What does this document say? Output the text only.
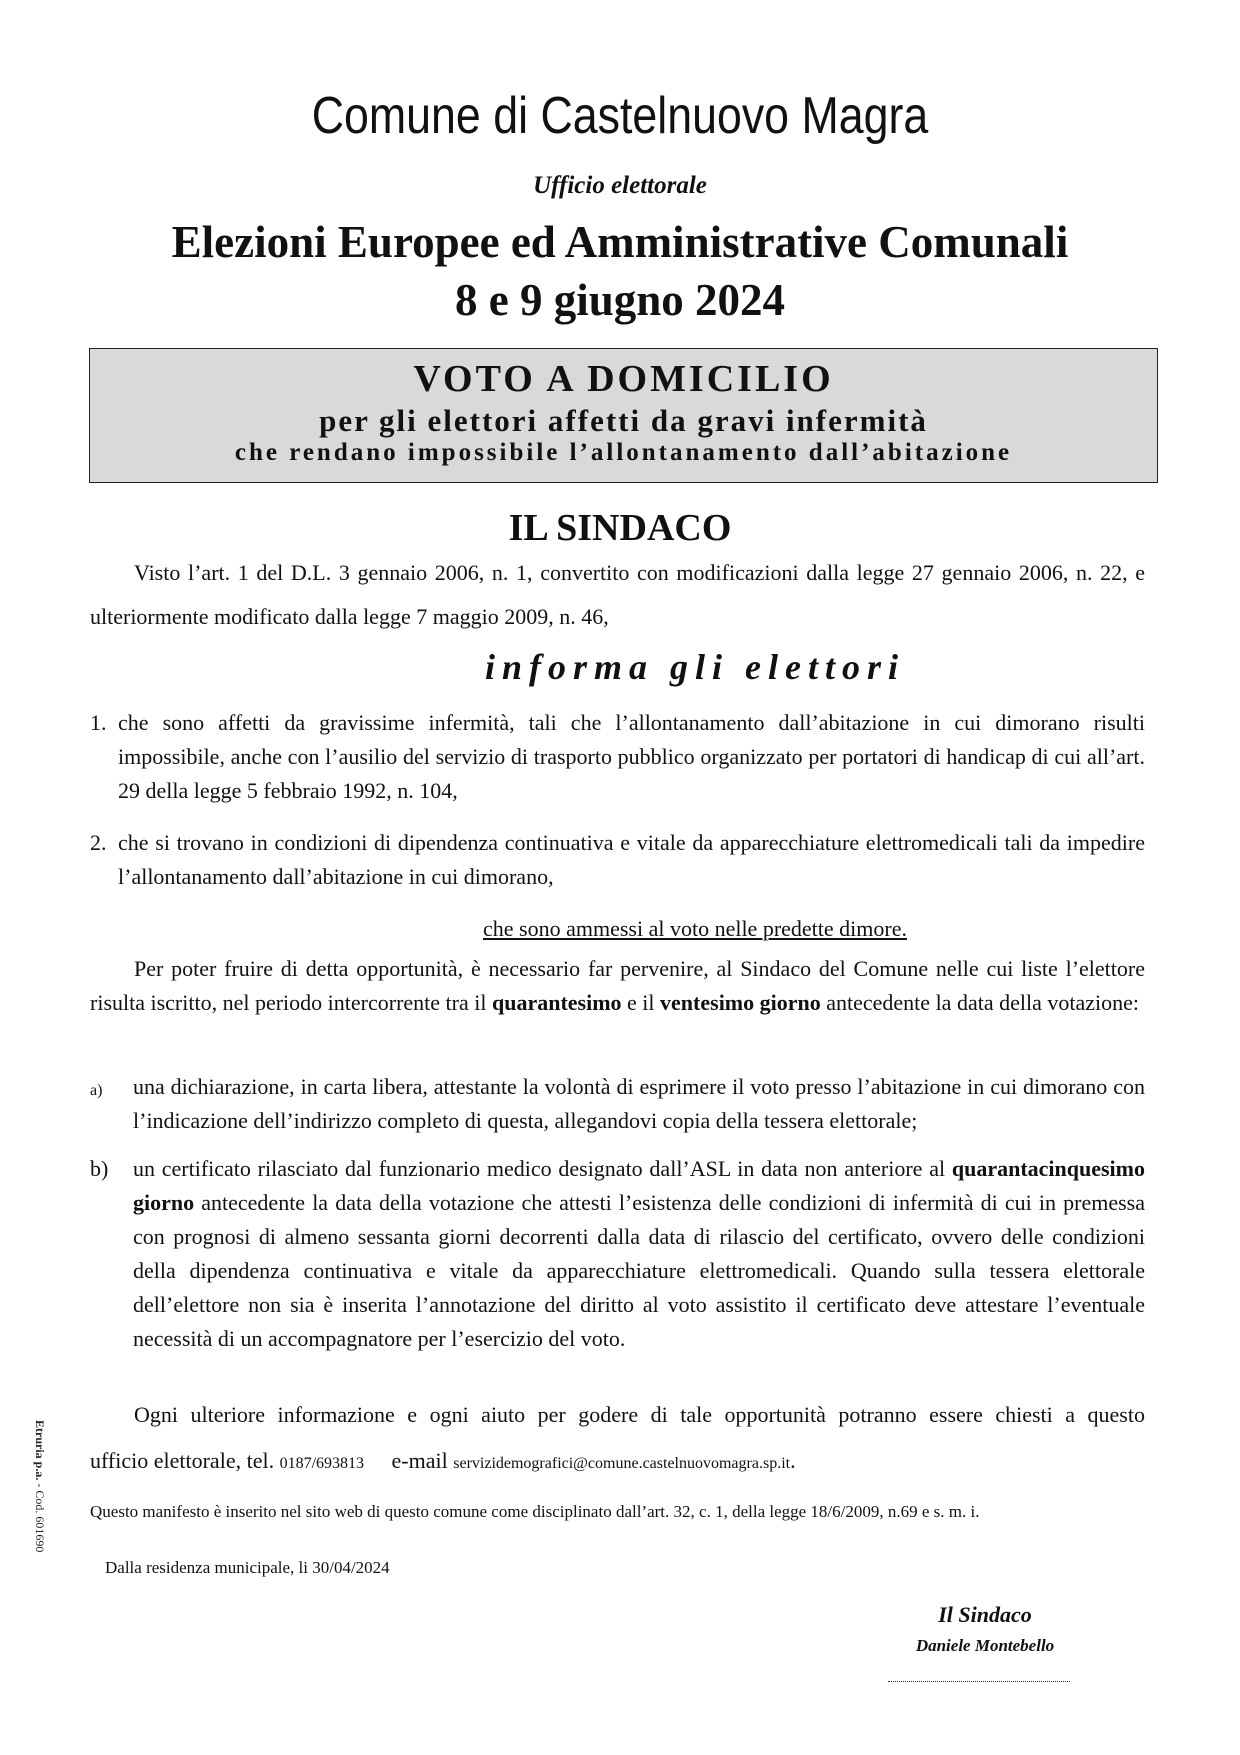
Comune di Castelnuovo Magra
Ufficio elettorale
Elezioni Europee ed Amministrative Comunali
8 e 9 giugno 2024
VOTO A DOMICILIO
per gli elettori affetti da gravi infermità
che rendano impossibile l’allontanamento dall’abitazione
IL SINDACO
Visto l’art. 1 del D.L. 3 gennaio 2006, n. 1, convertito con modificazioni dalla legge 27 gennaio 2006, n. 22, e
ulteriormente modificato dalla legge 7 maggio 2009, n. 46,
informa gli elettori
1. che sono affetti da gravissime infermità, tali che l’allontanamento dall’abitazione in cui dimorano risulti impossibile, anche con l’ausilio del servizio di trasporto pubblico organizzato per portatori di handicap di cui all’art. 29 della legge 5 febbraio 1992, n. 104,
2. che si trovano in condizioni di dipendenza continuativa e vitale da apparecchiature elettromedicali tali da impedire l’allontanamento dall’abitazione in cui dimorano,
che sono ammessi al voto nelle predette dimore.
Per poter fruire di detta opportunità, è necessario far pervenire, al Sindaco del Comune nelle cui liste l’elettore risulta iscritto, nel periodo intercorrente tra il quarantesimo e il ventesimo giorno antecedente la data della votazione:
a) una dichiarazione, in carta libera, attestante la volontà di esprimere il voto presso l’abitazione in cui dimorano con l’indicazione dell’indirizzo completo di questa, allegandovi copia della tessera elettorale;
b) un certificato rilasciato dal funzionario medico designato dall’ASL in data non anteriore al quarantacinquesimo giorno antecedente la data della votazione che attesti l’esistenza delle condizioni di infermità di cui in premessa con prognosi di almeno sessanta giorni decorrenti dalla data di rilascio del certificato, ovvero delle condizioni della dipendenza continuativa e vitale da apparecchiature elettromedicali. Quando sulla tessera elettorale dell’elettore non sia è inserita l’annotazione del diritto al voto assistito il certificato deve attestare l’eventuale necessità di un accompagnatore per l’esercizio del voto.
Ogni ulteriore informazione e ogni aiuto per godere di tale opportunità potranno essere chiesti a questo
ufficio elettorale, tel. 0187/693813 e-mail servizidemografici@comune.castelnuovomagra.sp.it.
Questo manifesto è inserito nel sito web di questo comune come disciplinato dall’art. 32, c. 1, della legge 18/6/2009, n.69 e s. m. i.
Dalla residenza municipale, li 30/04/2024
Il Sindaco
Daniele Montebello
Etruria p.a. - Cod. 601690
